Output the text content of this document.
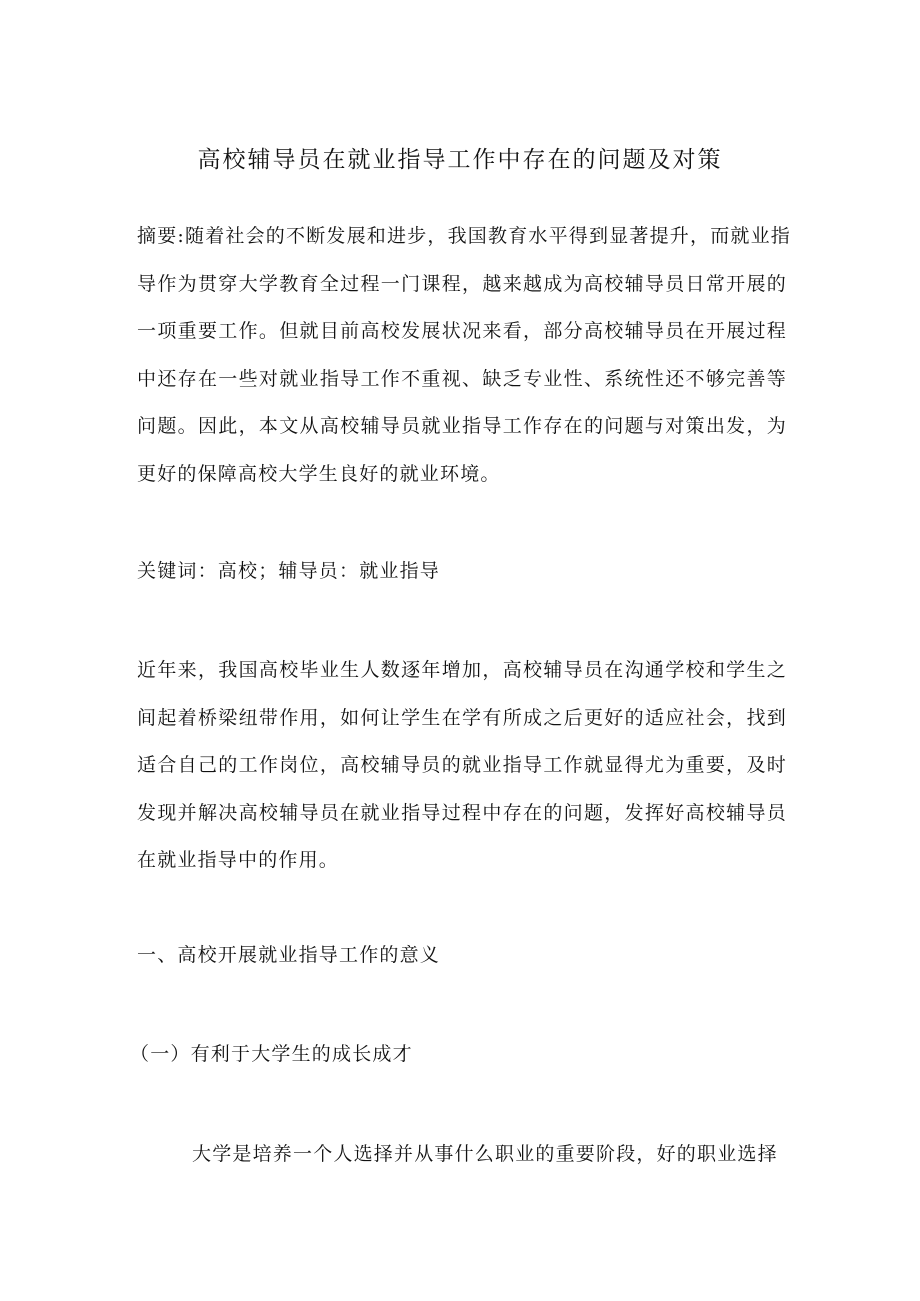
高校辅导员在就业指导工作中存在的问题及对策
摘要:随着社会的不断发展和进步，我国教育水平得到显著提升，而就业指
导作为贯穿大学教育全过程一门课程，越来越成为高校辅导员日常开展的
一项重要工作。但就目前高校发展状况来看，部分高校辅导员在开展过程
中还存在一些对就业指导工作不重视、缺乏专业性、系统性还不够完善等
问题。因此，本文从高校辅导员就业指导工作存在的问题与对策出发，为
更好的保障高校大学生良好的就业环境。
关键词：高校；辅导员：就业指导
近年来，我国高校毕业生人数逐年增加，高校辅导员在沟通学校和学生之
间起着桥梁纽带作用，如何让学生在学有所成之后更好的适应社会，找到
适合自己的工作岗位，高校辅导员的就业指导工作就显得尤为重要，及时
发现并解决高校辅导员在就业指导过程中存在的问题，发挥好高校辅导员
在就业指导中的作用。
一、高校开展就业指导工作的意义
（一）有利于大学生的成长成才
大学是培养一个人选择并从事什么职业的重要阶段，好的职业选择
